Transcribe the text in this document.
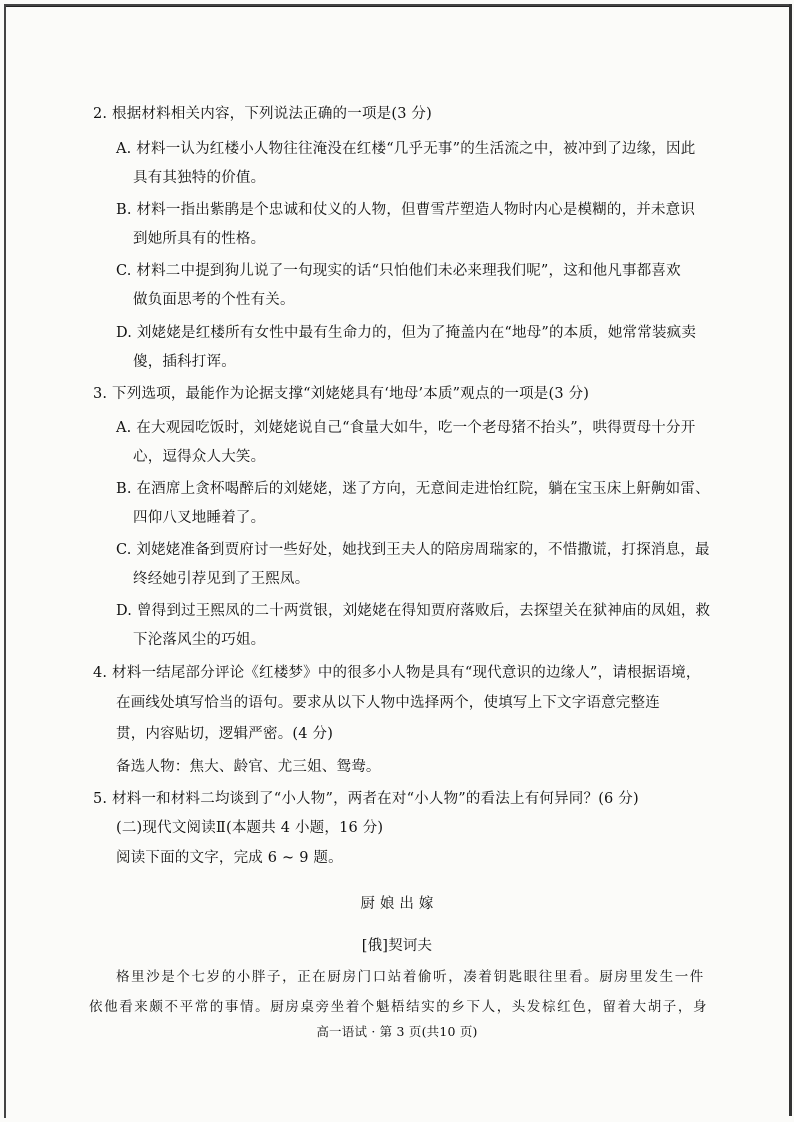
2. 根据材料相关内容，下列说法正确的一项是(3 分)
A. 材料一认为红楼小人物往往淹没在红楼“几乎无事”的生活流之中，被冲到了边缘，因此
具有其独特的价值。
B. 材料一指出紫鹃是个忠诚和仗义的人物，但曹雪芹塑造人物时内心是模糊的，并未意识
到她所具有的性格。
C. 材料二中提到狗儿说了一句现实的话“只怕他们未必来理我们呢”，这和他凡事都喜欢
做负面思考的个性有关。
D. 刘姥姥是红楼所有女性中最有生命力的，但为了掩盖内在“地母”的本质，她常常装疯卖
傻，插科打诨。
3. 下列选项，最能作为论据支撑“刘姥姥具有‘地母’本质”观点的一项是(3 分)
A. 在大观园吃饭时，刘姥姥说自己“食量大如牛，吃一个老母猪不抬头”，哄得贾母十分开
心，逗得众人大笑。
B. 在酒席上贪杯喝醉后的刘姥姥，迷了方向，无意间走进怡红院，躺在宝玉床上鼾齁如雷、
四仰八叉地睡着了。
C. 刘姥姥准备到贾府讨一些好处，她找到王夫人的陪房周瑞家的，不惜撒谎，打探消息，最
终经她引荐见到了王熙凤。
D. 曾得到过王熙凤的二十两赏银，刘姥姥在得知贾府落败后，去探望关在狱神庙的凤姐，救
下沦落风尘的巧姐。
4. 材料一结尾部分评论《红楼梦》中的很多小人物是具有“现代意识的边缘人”，请根据语境，
在画线处填写恰当的语句。要求从以下人物中选择两个，使填写上下文字语意完整连
贯，内容贴切，逻辑严密。(4 分)
备选人物：焦大、龄官、尤三姐、鸳鸯。
5. 材料一和材料二均谈到了“小人物”，两者在对“小人物”的看法上有何异同？(6 分)
(二)现代文阅读Ⅱ(本题共 4 小题，16 分)
阅读下面的文字，完成 6 ~ 9 题。
厨 娘 出 嫁
[俄]契诃夫
格里沙是个七岁的小胖子，正在厨房门口站着偷听，凑着钥匙眼往里看。厨房里发生一件
依他看来颇不平常的事情。厨房桌旁坐着个魁梧结实的乡下人，头发棕红色，留着大胡子，身
高一语试 · 第 3 页(共10 页)
